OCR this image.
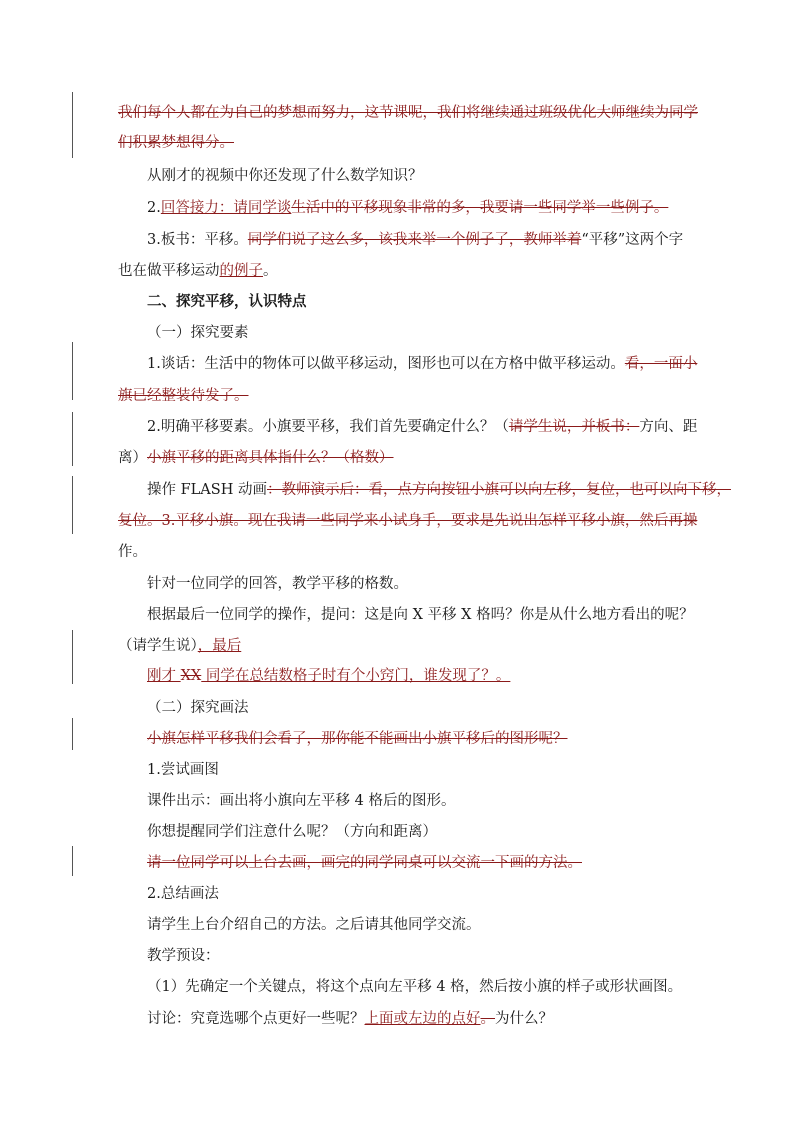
我们每个人都在为自己的梦想而努力，这节课呢，我们将继续通过班级优化大师继续为同学
们积累梦想得分。
从刚才的视频中你还发现了什么数学知识？
2.回答接力：请同学谈生活中的平移现象非常的多，我要请一些同学举一些例子。
3.板书：平移。同学们说了这么多，该我来举一个例子了，教师举着“平移”这两个字
也在做平移运动的例子。
二、探究平移，认识特点
（一）探究要素
1.谈话：生活中的物体可以做平移运动，图形也可以在方格中做平移运动。看，一面小
旗已经整装待发了。
2.明确平移要素。小旗要平移，我们首先要确定什么？（请学生说，并板书：方向、距
离）小旗平移的距离具体指什么？（格数）
操作 FLASH 动画：教师演示后：看，点方向按钮小旗可以向左移，复位，也可以向下移，
复位。3.平移小旗。现在我请一些同学来小试身手，要求是先说出怎样平移小旗，然后再操
作。
针对一位同学的回答，教学平移的格数。
根据最后一位同学的操作，提问：这是向 X 平移 X 格吗？你是从什么地方看出的呢？
（请学生说），最后
刚才 XX 同学在总结数格子时有个小窍门，谁发现了？。
（二）探究画法
小旗怎样平移我们会看了，那你能不能画出小旗平移后的图形呢？
1.尝试画图
课件出示：画出将小旗向左平移 4 格后的图形。
你想提醒同学们注意什么呢？（方向和距离）
请一位同学可以上台去画，画完的同学同桌可以交流一下画的方法。
2.总结画法
请学生上台介绍自己的方法。之后请其他同学交流。
教学预设：
（1）先确定一个关键点，将这个点向左平移 4 格，然后按小旗的样子或形状画图。
讨论：究竟选哪个点更好一些呢？上面或左边的点好。为什么？
